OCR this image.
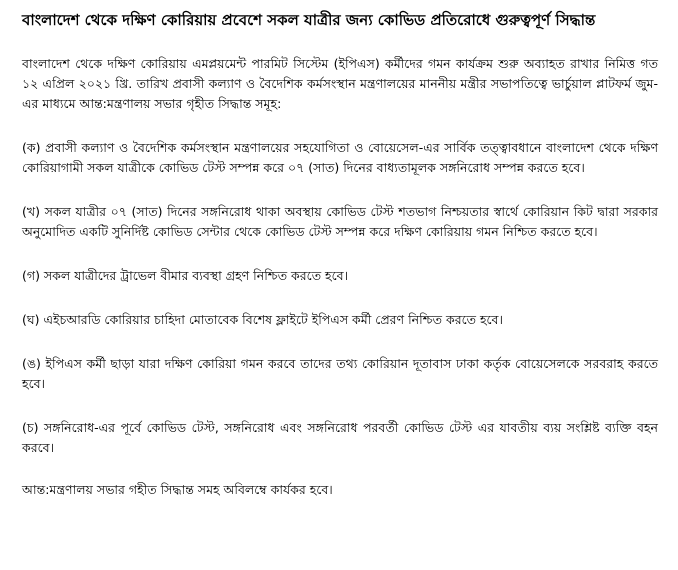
বাংলাদেশ থেকে দক্ষিণ কোরিয়ায় প্রবেশে সকল যাত্রীর জন্য কোভিড প্রতিরোধে গুরুত্বপূর্ণ সিদ্ধান্ত
বাংলাদেশ থেকে দক্ষিণ কোরিয়ায় এমপ্লয়মেন্ট পারমিট সিস্টেম (ইপিএস) কর্মীদের গমন কার্যক্রম শুরু অব্যাহত রাখার নিমিত্ত গত ১২ এপ্রিল ২০২১ খ্রি. তারিখ প্রবাসী কল্যাণ ও বৈদেশিক কর্মসংস্থান মন্ত্রণালয়ের মাননীয় মন্ত্রীর সভাপতিত্বে ভার্চুয়াল প্লাটফর্ম জুম-এর মাধ্যমে আন্ত:মন্ত্রণালয় সভার গৃহীত সিদ্ধান্ত সমূহ:
(ক) প্রবাসী কল্যাণ ও বৈদেশিক কর্মসংস্থান মন্ত্রণালয়ের সহযোগিতা ও বোয়েসেল-এর সার্বিক তত্ত্বাবধানে বাংলাদেশ থেকে দক্ষিণ কোরিয়াগামী সকল যাত্রীকে কোভিড টেস্ট সম্পন্ন করে ০৭ (সাত) দিনের বাধ্যতামূলক সঙ্গনিরোধ সম্পন্ন করতে হবে।
(খ) সকল যাত্রীর ০৭ (সাত) দিনের সঙ্গনিরোধ থাকা অবস্থায় কোভিড টেস্ট শতভাগ নিশ্চয়তার স্বার্থে কোরিয়ান কিট দ্বারা সরকার অনুমোদিত একটি সুনির্দিষ্ট কোভিড সেন্টার থেকে কোভিড টেস্ট সম্পন্ন করে দক্ষিণ কোরিয়ায় গমন নিশ্চিত করতে হবে।
(গ) সকল যাত্রীদের ট্রাভেল বীমার ব্যবস্থা গ্রহণ নিশ্চিত করতে হবে।
(ঘ) এইচআরডি কোরিয়ার চাহিদা মোতাবেক বিশেষ ফ্লাইটে ইপিএস কর্মী প্রেরণ নিশ্চিত করতে হবে।
(ঙ) ইপিএস কর্মী ছাড়া যারা দক্ষিণ কোরিয়া গমন করবে তাদের তথ্য কোরিয়ান দূতাবাস ঢাকা কর্তৃক বোয়েসেলকে সরবরাহ করতে হবে।
(চ) সঙ্গনিরোধ-এর পূর্বে কোভিড টেস্ট, সঙ্গনিরোধ এবং সঙ্গনিরোধ পরবর্তী কোভিড টেস্ট এর যাবতীয় ব্যয় সংশ্লিষ্ট ব্যক্তি বহন করবে।
আন্ত:মন্ত্রণালয় সভার গহীত সিদ্ধান্ত সমহ অবিলম্বে কার্যকর হবে।
